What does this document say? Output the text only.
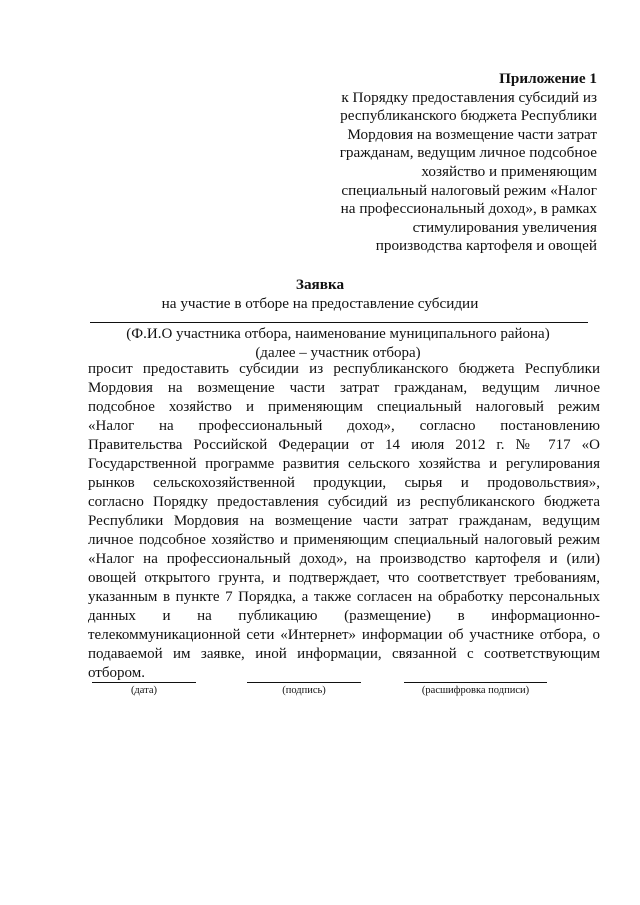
Приложение 1
к Порядку предоставления субсидий из
республиканского бюджета Республики
Мордовия на возмещение части затрат
гражданам, ведущим личное подсобное
хозяйство и применяющим
специальный налоговый режим «Налог
на профессиональный доход», в рамках
стимулирования увеличения
производства картофеля и овощей
Заявка
на участие в отборе на предоставление субсидии
(Ф.И.О участника отбора, наименование муниципального района)
(далее – участник отбора)
просит предоставить субсидии из республиканского бюджета Республики
Мордовия на возмещение части затрат гражданам, ведущим личное
подсобное хозяйство и применяющим специальный налоговый режим
«Налог на профессиональный доход», согласно постановлению
Правительства Российской Федерации от 14 июля 2012 г. № 717 «О
Государственной программе развития сельского хозяйства и регулирования
рынков сельскохозяйственной продукции, сырья и продовольствия»,
согласно Порядку предоставления субсидий из республиканского бюджета
Республики Мордовия на возмещение части затрат гражданам, ведущим
личное подсобное хозяйство и применяющим специальный налоговый режим
«Налог на профессиональный доход», на производство картофеля и (или)
овощей открытого грунта, и подтверждает, что соответствует требованиям,
указанным в пункте 7 Порядка, а также согласен на обработку персональных
данных и на публикацию (размещение) в информационно-
телекоммуникационной сети «Интернет» информации об участнике отбора, о
подаваемой им заявке, иной информации, связанной с соответствующим
отбором.
(дата)	(подпись)	(расшифровка подписи)
